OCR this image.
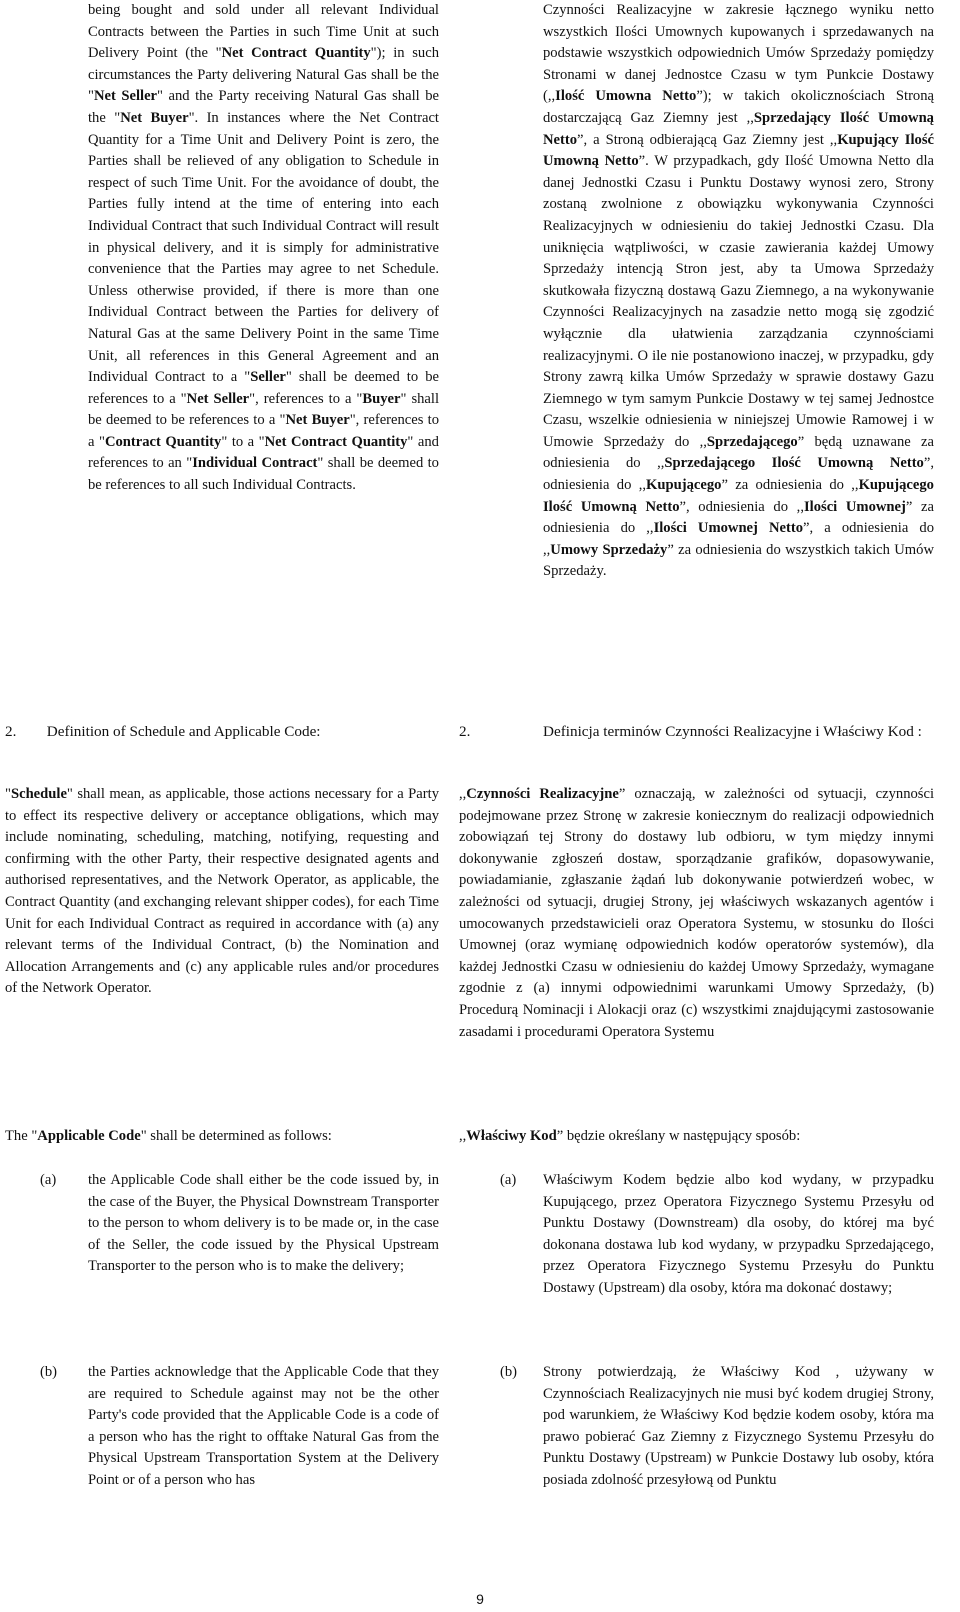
being bought and sold under all relevant Individual Contracts between the Parties in such Time Unit at such Delivery Point (the "Net Contract Quantity"); in such circumstances the Party delivering Natural Gas shall be the "Net Seller" and the Party receiving Natural Gas shall be the "Net Buyer". In instances where the Net Contract Quantity for a Time Unit and Delivery Point is zero, the Parties shall be relieved of any obligation to Schedule in respect of such Time Unit. For the avoidance of doubt, the Parties fully intend at the time of entering into each Individual Contract that such Individual Contract will result in physical delivery, and it is simply for administrative convenience that the Parties may agree to net Schedule. Unless otherwise provided, if there is more than one Individual Contract between the Parties for delivery of Natural Gas at the same Delivery Point in the same Time Unit, all references in this General Agreement and an Individual Contract to a "Seller" shall be deemed to be references to a "Net Seller", references to a "Buyer" shall be deemed to be references to a "Net Buyer", references to a "Contract Quantity" to a "Net Contract Quantity" and references to an "Individual Contract" shall be deemed to be references to all such Individual Contracts.

2. Definition of Schedule and Applicable Code:

"Schedule" shall mean, as applicable, those actions necessary for a Party to effect its respective delivery or acceptance obligations, which may include nominating, scheduling, matching, notifying, requesting and confirming with the other Party, their respective designated agents and authorised representatives, and the Network Operator, as applicable, the Contract Quantity (and exchanging relevant shipper codes), for each Time Unit for each Individual Contract as required in accordance with (a) any relevant terms of the Individual Contract, (b) the Nomination and Allocation Arrangements and (c) any applicable rules and/or procedures of the Network Operator.

The "Applicable Code" shall be determined as follows:

(a) the Applicable Code shall either be the code issued by, in the case of the Buyer, the Physical Downstream Transporter to the person to whom delivery is to be made or, in the case of the Seller, the code issued by the Physical Upstream Transporter to the person who is to make the delivery;

(b) the Parties acknowledge that the Applicable Code that they are required to Schedule against may not be the other Party's code provided that the Applicable Code is a code of a person who has the right to offtake Natural Gas from the Physical Upstream Transportation System at the Delivery Point or of a person who has

Czynności Realizacyjne w zakresie łącznego wyniku netto wszystkich Ilości Umownych kupowanych i sprzedawanych na podstawie wszystkich odpowiednich Umów Sprzedaży pomiędzy Stronami w danej Jednostce Czasu w tym Punkcie Dostawy (,,Ilość Umowna Netto”); w takich okolicznościach Stroną dostarczającą Gaz Ziemny jest ,,Sprzedający Ilość Umowną Netto”, a Stroną odbierającą Gaz Ziemny jest ,,Kupujący Ilość Umowną Netto”. W przypadkach, gdy Ilość Umowna Netto dla danej Jednostki Czasu i Punktu Dostawy wynosi zero, Strony zostaną zwolnione z obowiązku wykonywania Czynności Realizacyjnych w odniesieniu do takiej Jednostki Czasu. Dla uniknięcia wątpliwości, w czasie zawierania każdej Umowy Sprzedaży intencją Stron jest, aby ta Umowa Sprzedaży skutkowała fizyczną dostawą Gazu Ziemnego, a na wykonywanie Czynności Realizacyjnych na zasadzie netto mogą się zgodzić wyłącznie dla ułatwienia zarządzania czynnościami realizacyjnymi. O ile nie postanowiono inaczej, w przypadku, gdy Strony zawrą kilka Umów Sprzedaży w sprawie dostawy Gazu Ziemnego w tym samym Punkcie Dostawy w tej samej Jednostce Czasu, wszelkie odniesienia w niniejszej Umowie Ramowej i w Umowie Sprzedaży do ,,Sprzedającego” będą uznawane za odniesienia do ,,Sprzedającego Ilość Umowną Netto”, odniesienia do ,,Kupującego” za odniesienia do ,,Kupującego Ilość Umowną Netto”, odniesienia do ,,Ilości Umownej” za odniesienia do ,,Ilości Umownej Netto”, a odniesienia do ,,Umowy Sprzedaży” za odniesienia do wszystkich takich Umów Sprzedaży.

2.	Definicja terminów Czynności Realizacyjne i Właściwy Kod :

,,Czynności Realizacyjne” oznaczają, w zależności od sytuacji, czynności podejmowane przez Stronę w zakresie koniecznym do realizacji odpowiednich zobowiązań tej Strony do dostawy lub odbioru, w tym między innymi dokonywanie zgłoszeń dostaw, sporządzanie grafików, dopasowywanie, powiadamianie, zgłaszanie żądań lub dokonywanie potwierdzeń wobec, w zależności od sytuacji, drugiej Strony, jej właściwych wskazanych agentów i umocowanych przedstawicieli oraz Operatora Systemu, w stosunku do Ilości Umownej (oraz wymianę odpowiednich kodów operatorów systemów), dla każdej Jednostki Czasu w odniesieniu do każdej Umowy Sprzedaży, wymagane zgodnie z (a) innymi odpowiednimi warunkami Umowy Sprzedaży, (b) Procedurą Nominacji i Alokacji oraz (c) wszystkimi znajdującymi zastosowanie zasadami i procedurami Operatora Systemu

,,Właściwy Kod” będzie określany w następujący sposób:

(a) Właściwym Kodem będzie albo kod wydany, w przypadku Kupującego, przez Operatora Fizycznego Systemu Przesyłu od Punktu Dostawy (Downstream) dla osoby, do której ma być dokonana dostawa lub kod wydany, w przypadku Sprzedającego, przez Operatora Fizycznego Systemu Przesyłu do Punktu Dostawy (Upstream) dla osoby, która ma dokonać dostawy;

(b) Strony potwierdzają, że Właściwy Kod , używany w Czynnościach Realizacyjnych nie musi być kodem drugiej Strony, pod warunkiem, że Właściwy Kod będzie kodem osoby, która ma prawo pobierać Gaz Ziemny z Fizycznego Systemu Przesyłu do Punktu Dostawy (Upstream) w Punkcie Dostawy lub osoby, która posiada zdolność przesyłową od Punktu

9
